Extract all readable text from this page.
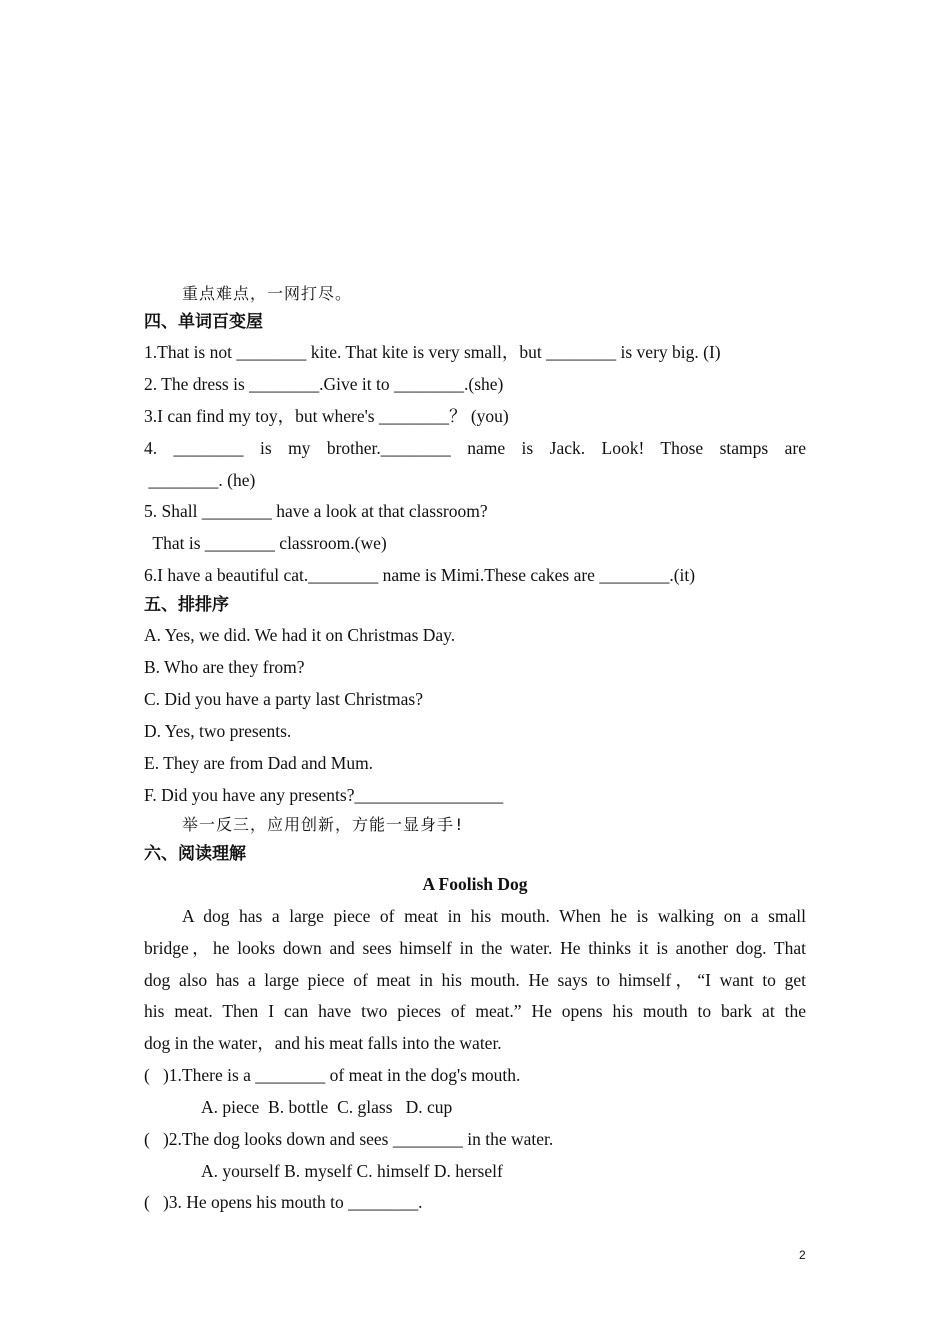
重点难点，一网打尽。
四、单词百变屋
1.That is not ________ kite. That kite is very small，but ________ is very big. (I)
2. The dress is ________.Give it to ________.(she)
3.I can find my toy，but where's ________？ (you)
4. ________ is my brother.________ name is Jack. Look! Those stamps are
________. (he)
5. Shall ________ have a look at that classroom?
That is ________ classroom.(we)
6.I have a beautiful cat.________ name is Mimi.These cakes are ________.(it)
五、排排序
A. Yes, we did. We had it on Christmas Day.
B. Who are they from?
C. Did you have a party last Christmas?
D. Yes, two presents.
E. They are from Dad and Mum.
F. Did you have any presents?_________________
举一反三，应用创新，方能一显身手!
六、阅读理解
A Foolish Dog
A dog has a large piece of meat in his mouth. When he is walking on a small
bridge，he looks down and sees himself in the water. He thinks it is another dog. That
dog also has a large piece of meat in his mouth. He says to himself，“I want to get
his meat. Then I can have two pieces of meat.” He opens his mouth to bark at the
dog in the water，and his meat falls into the water.
(   )1.There is a ________ of meat in the dog's mouth.
A. piece  B. bottle  C. glass   D. cup
(   )2.The dog looks down and sees ________ in the water.
A. yourself B. myself C. himself D. herself
(   )3. He opens his mouth to ________.
2
